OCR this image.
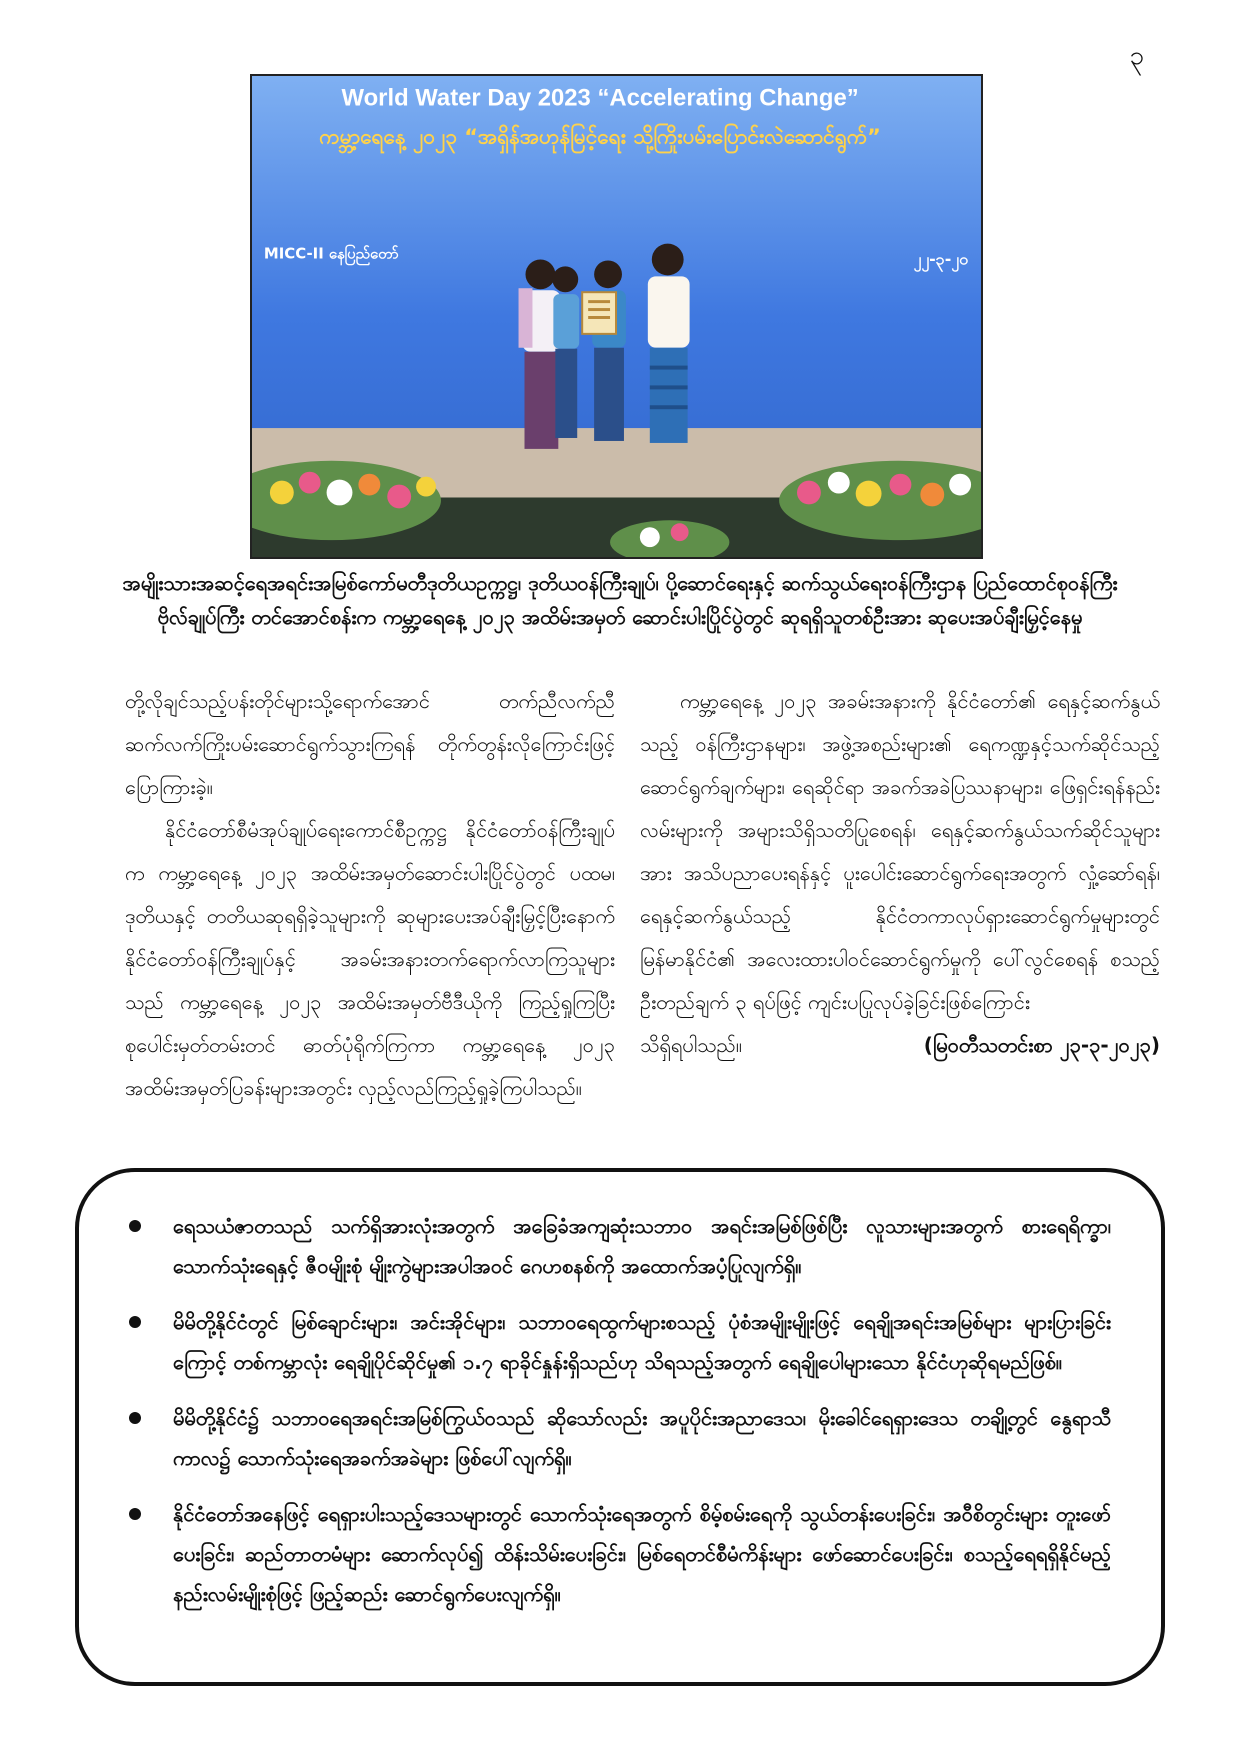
၃
World Water Day 2023 “Accelerating Change”
ကမ္ဘာ့ရေနေ့ ၂၀၂၃ “အရှိန်အဟုန်မြင့်ရေး သို့ကြိုးပမ်းပြောင်းလဲဆောင်ရွက်”
MICC-II နေပြည်တော်	၂၂-၃-၂၀
အမျိုးသားအဆင့်ရေအရင်းအမြစ်ကော်မတီဒုတိယဥက္ကဋ္ဌ၊ ဒုတိယဝန်ကြီးချုပ်၊ ပို့ဆောင်ရေးနှင့် ဆက်သွယ်ရေးဝန်ကြီးဌာန ပြည်ထောင်စုဝန်ကြီး ဗိုလ်ချုပ်ကြီး တင်အောင်စန်းက ကမ္ဘာ့ရေနေ့ ၂၀၂၃ အထိမ်းအမှတ် ဆောင်းပါးပြိုင်ပွဲတွင် ဆုရရှိသူတစ်ဦးအား ဆုပေးအပ်ချီးမြှင့်နေမှု

တို့လိုချင်သည့်ပန်းတိုင်များသို့ရောက်အောင် တက်ညီလက်ညီ ဆက်လက်ကြိုးပမ်းဆောင်ရွက်သွားကြရန် တိုက်တွန်းလိုကြောင်းဖြင့် ပြောကြားခဲ့။

နိုင်ငံတော်စီမံအုပ်ချုပ်ရေးကောင်စီဥက္ကဋ္ဌ နိုင်ငံတော်ဝန်ကြီးချုပ်က ကမ္ဘာ့ရေနေ့ ၂၀၂၃ အထိမ်းအမှတ်ဆောင်းပါးပြိုင်ပွဲတွင် ပထမ၊ ဒုတိယနှင့် တတိယဆုရရှိခဲ့သူများကို ဆုများပေးအပ်ချီးမြှင့်ပြီးနောက် နိုင်ငံတော်ဝန်ကြီးချုပ်နှင့် အခမ်းအနားတက်ရောက်လာကြသူများသည် ကမ္ဘာ့ရေနေ့ ၂၀၂၃ အထိမ်းအမှတ်ဗီဒီယိုကို ကြည့်ရှုကြပြီး စုပေါင်းမှတ်တမ်းတင် ဓာတ်ပုံရိုက်ကြကာ ကမ္ဘာ့ရေနေ့ ၂၀၂၃ အထိမ်းအမှတ်ပြခန်းများအတွင်း လှည့်လည်ကြည့်ရှုခဲ့ကြပါသည်။

ကမ္ဘာ့ရေနေ့ ၂၀၂၃ အခမ်းအနားကို နိုင်ငံတော်၏ ရေနှင့်ဆက်နွယ်သည့် ဝန်ကြီးဌာနများ၊ အဖွဲ့အစည်းများ၏ ရေကဏ္ဍနှင့်သက်ဆိုင်သည့် ဆောင်ရွက်ချက်များ၊ ရေဆိုင်ရာ အခက်အခဲပြဿနာများ၊ ဖြေရှင်းရန်နည်းလမ်းများကို အများသိရှိသတိပြုစေရန်၊ ရေနှင့်ဆက်နွယ်သက်ဆိုင်သူများအား အသိပညာပေးရန်နှင့် ပူးပေါင်းဆောင်ရွက်ရေးအတွက် လှုံ့ဆော်ရန်၊ ရေနှင့်ဆက်နွယ်သည့် နိုင်ငံတကာလုပ်ရှားဆောင်ရွက်မှုများတွင် မြန်မာနိုင်ငံ၏ အလေးထားပါဝင်ဆောင်ရွက်မှုကို ပေါ်လွင်စေရန် စသည့် ဦးတည်ချက် ၃ ရပ်ဖြင့် ကျင်းပပြုလုပ်ခဲ့ခြင်းဖြစ်ကြောင်း

သိရှိရပါသည်။	(မြဝတီသတင်းစာ ၂၃-၃-၂၀၂၃)
ရေသယံဇာတသည် သက်ရှိအားလုံးအတွက် အခြေခံအကျဆုံးသဘာဝ အရင်းအမြစ်ဖြစ်ပြီး လူသားများအတွက် စားရေရိက္ခာ၊ သောက်သုံးရေနှင့် ဇီဝမျိုးစုံ မျိုးကွဲများအပါအဝင် ဂေဟစနစ်ကို အထောက်အပံ့ပြုလျက်ရှိ။
မိမိတို့နိုင်ငံတွင် မြစ်ချောင်းများ၊ အင်းအိုင်များ၊ သဘာဝရေထွက်များစသည့် ပုံစံအမျိုးမျိုးဖြင့် ရေချိုအရင်းအမြစ်များ များပြားခြင်းကြောင့် တစ်ကမ္ဘာလုံး ရေချိုပိုင်ဆိုင်မှု၏ ၁.၇ ရာခိုင်နှုန်းရှိသည်ဟု သိရသည့်အတွက် ရေချိုပေါများသော နိုင်ငံဟုဆိုရမည်ဖြစ်။
မိမိတို့နိုင်ငံ၌ သဘာဝရေအရင်းအမြစ်ကြွယ်ဝသည် ဆိုသော်လည်း အပူပိုင်းအညာဒေသ၊ မိုးခေါင်ရေရှားဒေသ တချို့တွင် နွေရာသီကာလ၌ သောက်သုံးရေအခက်အခဲများ ဖြစ်ပေါ်လျက်ရှိ။
နိုင်ငံတော်အနေဖြင့် ရေရှားပါးသည့်ဒေသများတွင် သောက်သုံးရေအတွက် စိမ့်စမ်းရေကို သွယ်တန်းပေးခြင်း၊ အဝီစိတွင်းများ တူးဖော်ပေးခြင်း၊ ဆည်တာတမံများ ဆောက်လုပ်၍ ထိန်းသိမ်းပေးခြင်း၊ မြစ်ရေတင်စီမံကိန်းများ ဖော်ဆောင်ပေးခြင်း၊ စသည့်ရေရရှိနိုင်မည့် နည်းလမ်းမျိုးစုံဖြင့် ဖြည့်ဆည်း ဆောင်ရွက်ပေးလျက်ရှိ။
